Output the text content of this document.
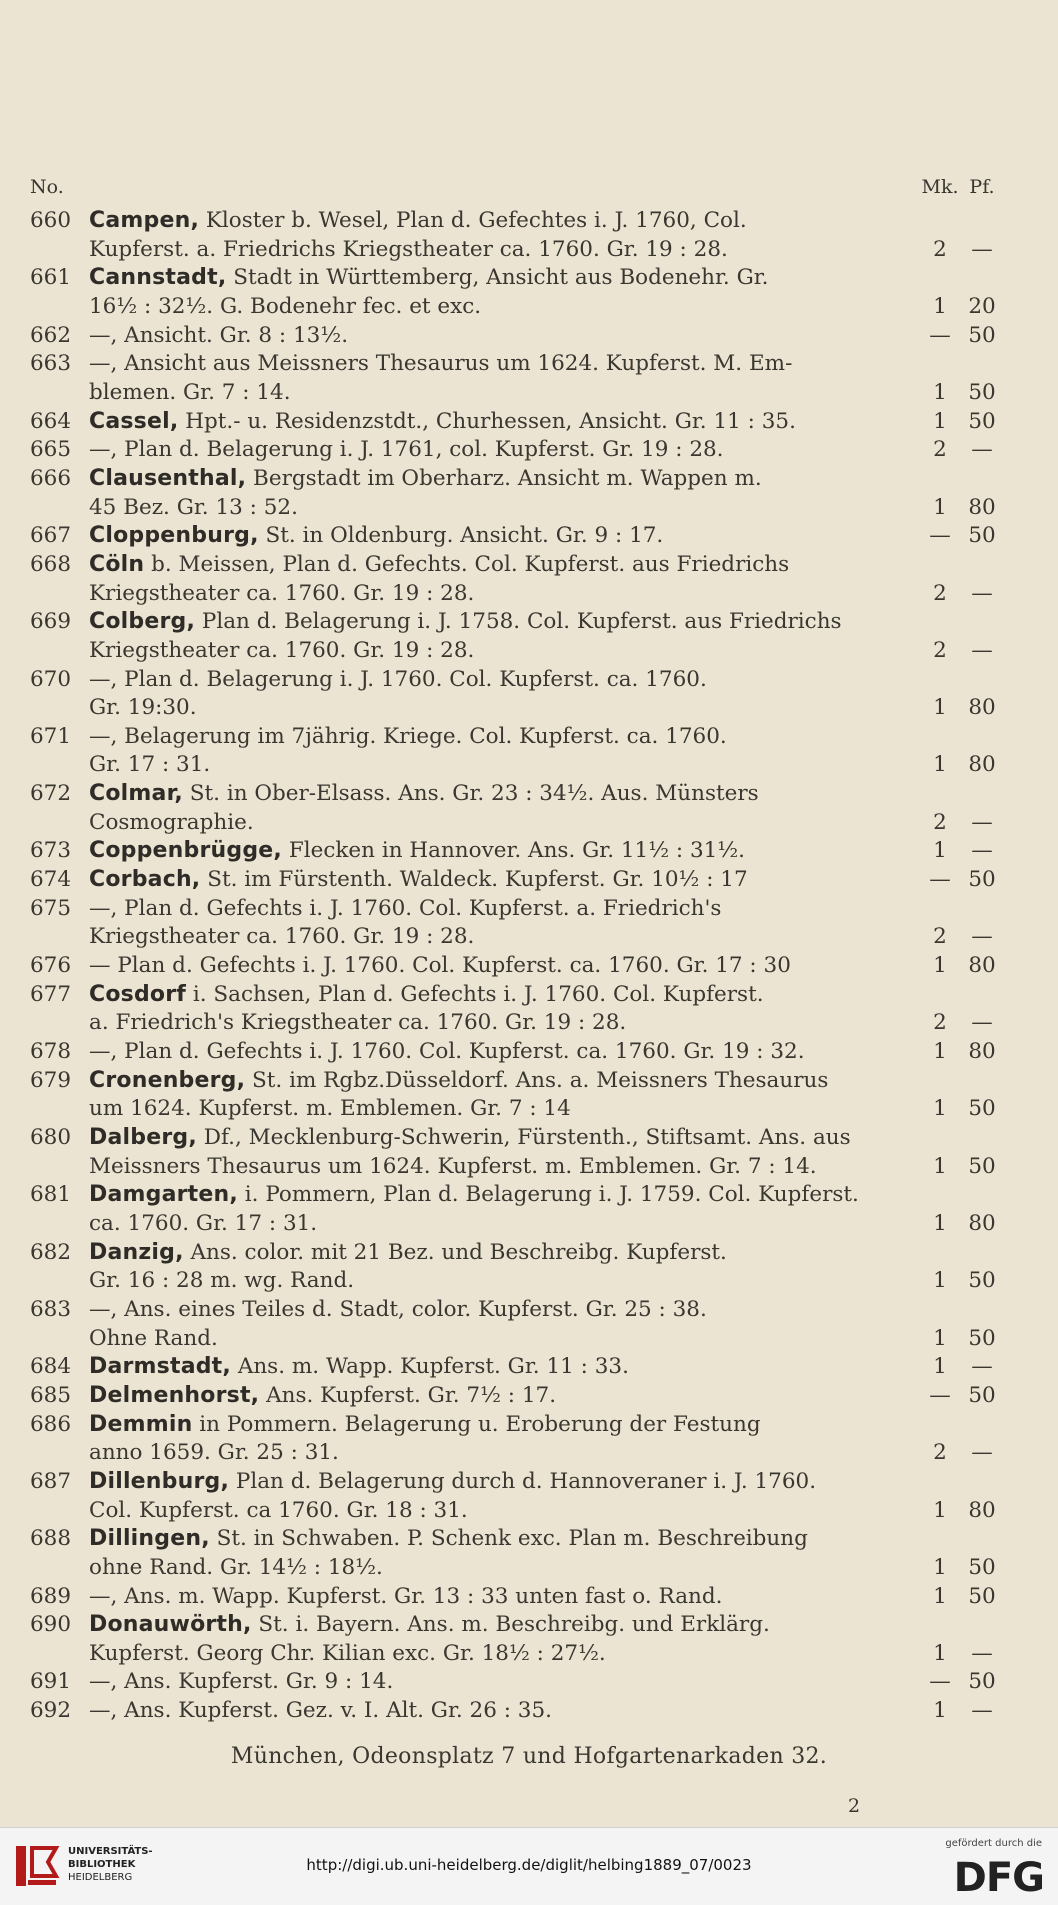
No.	Mk. Pf.
660 Campen, Kloster b. Wesel, Plan d. Gefechtes i. J. 1760, Col.
Kupferst. a. Friedrichs Kriegstheater ca. 1760. Gr. 19 : 28.	2	—
661 Cannstadt, Stadt in Württemberg, Ansicht aus Bodenehr. Gr.
16½ : 32½. G. Bodenehr fec. et exc.	1 20
662 —, Ansicht. Gr. 8 : 13½.	— 50
663 —, Ansicht aus Meissners Thesaurus um 1624. Kupferst. M. Em-
blemen. Gr. 7 : 14.	1 50
664 Cassel, Hpt.- u. Residenzstdt., Churhessen, Ansicht. Gr. 11 : 35.	1 50
665 —, Plan d. Belagerung i. J. 1761, col. Kupferst. Gr. 19 : 28.	2	—
666 Clausenthal, Bergstadt im Oberharz. Ansicht m. Wappen m.
45 Bez. Gr. 13 : 52.	1 80
667 Cloppenburg, St. in Oldenburg. Ansicht. Gr. 9 : 17.	— 50
668 Cöln b. Meissen, Plan d. Gefechts. Col. Kupferst. aus Friedrichs
Kriegstheater ca. 1760. Gr. 19 : 28.	2	—
669 Colberg, Plan d. Belagerung i. J. 1758. Col. Kupferst. aus Friedrichs
Kriegstheater ca. 1760. Gr. 19 : 28.	2	—
670 —, Plan d. Belagerung i. J. 1760. Col. Kupferst. ca. 1760.
Gr. 19:30.	1 80
671 —, Belagerung im 7jährig. Kriege. Col. Kupferst. ca. 1760.
Gr. 17 : 31.	1 80
672 Colmar, St. in Ober-Elsass. Ans. Gr. 23 : 34½. Aus. Münsters
Cosmographie.	2	—
673 Coppenbrügge, Flecken in Hannover. Ans. Gr. 11½ : 31½.	1	—
674 Corbach, St. im Fürstenth. Waldeck. Kupferst. Gr. 10½ : 17	— 50
675 —, Plan d. Gefechts i. J. 1760. Col. Kupferst. a. Friedrich's
Kriegstheater ca. 1760. Gr. 19 : 28.	2	—
676 — Plan d. Gefechts i. J. 1760. Col. Kupferst. ca. 1760. Gr. 17 : 30	1 80
677 Cosdorf i. Sachsen, Plan d. Gefechts i. J. 1760. Col. Kupferst.
a. Friedrich's Kriegstheater ca. 1760. Gr. 19 : 28.	2	—
678 —, Plan d. Gefechts i. J. 1760. Col. Kupferst. ca. 1760. Gr. 19 : 32.	1 80
679 Cronenberg, St. im Rgbz.Düsseldorf. Ans. a. Meissners Thesaurus
um 1624. Kupferst. m. Emblemen. Gr. 7 : 14	1 50
680 Dalberg, Df., Mecklenburg-Schwerin, Fürstenth., Stiftsamt. Ans. aus
Meissners Thesaurus um 1624. Kupferst. m. Emblemen. Gr. 7 : 14.	1 50
681 Damgarten, i. Pommern, Plan d. Belagerung i. J. 1759. Col. Kupferst.
ca. 1760. Gr. 17 : 31.	1 80
682 Danzig, Ans. color. mit 21 Bez. und Beschreibg. Kupferst.
Gr. 16 : 28 m. wg. Rand.	1 50
683 —, Ans. eines Teiles d. Stadt, color. Kupferst. Gr. 25 : 38.
Ohne Rand.	1 50
684 Darmstadt, Ans. m. Wapp. Kupferst. Gr. 11 : 33.	1	—
685 Delmenhorst, Ans. Kupferst. Gr. 7½ : 17.	— 50
686 Demmin in Pommern. Belagerung u. Eroberung der Festung
anno 1659. Gr. 25 : 31.	2	—
687 Dillenburg, Plan d. Belagerung durch d. Hannoveraner i. J. 1760.
Col. Kupferst. ca 1760. Gr. 18 : 31.	1 80
688 Dillingen, St. in Schwaben. P. Schenk exc. Plan m. Beschreibung
ohne Rand. Gr. 14½ : 18½.	1 50
689 —, Ans. m. Wapp. Kupferst. Gr. 13 : 33 unten fast o. Rand.	1 50
690 Donauwörth, St. i. Bayern. Ans. m. Beschreibg. und Erklärg.
Kupferst. Georg Chr. Kilian exc. Gr. 18½ : 27½.	1	—
691 —, Ans. Kupferst. Gr. 9 : 14.	— 50
692 —, Ans. Kupferst. Gez. v. I. Alt. Gr. 26 : 35.	1	—
München, Odeonsplatz 7 und Hofgartenarkaden 32.
2
UNIVERSITÄTS-
BIBLIOTHEK
HEIDELBERG
http://digi.ub.uni-heidelberg.de/diglit/helbing1889_07/0023
gefördert durch die
DFG
